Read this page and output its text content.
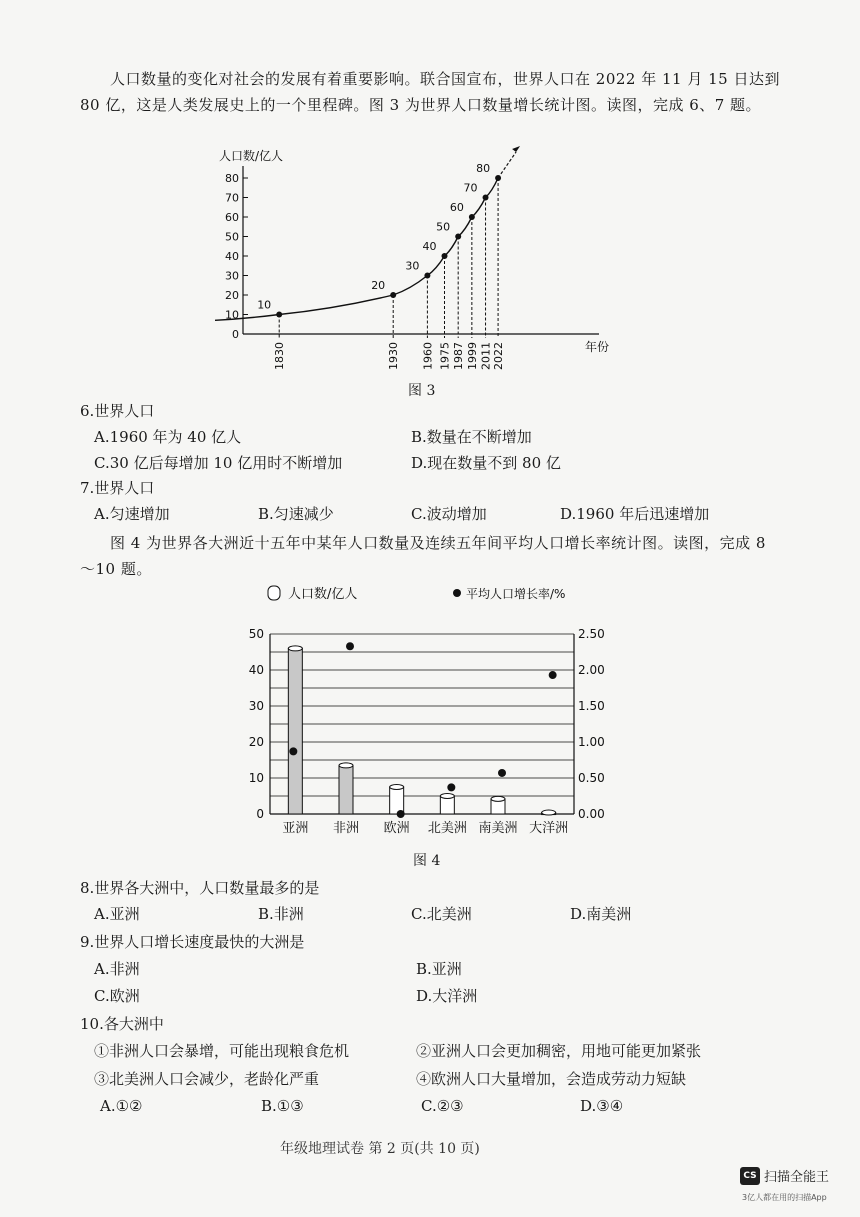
人口数量的变化对社会的发展有着重要影响。联合国宣布，世界人口在 2022 年 11 月 15 日达到 80 亿，这是人类发展史上的一个里程碑。图 3 为世界人口数量增长统计图。读图，完成 6、7 题。
人口数/亿人
年份
0
10
20
30
40
50
60
70
80
10
1830
20
1930
30
1960
40
1975
50
1987
60
1999
70
2011
80
2022
图 3
6.世界人口
A.1960 年为 40 亿人	B.数量在不断增加
C.30 亿后每增加 10 亿用时不断增加	D.现在数量不到 80 亿
7.世界人口
A.匀速增加	B.匀速减少	C.波动增加	D.1960 年后迅速增加
图 4 为世界各大洲近十五年中某年人口数量及连续五年间平均人口增长率统计图。读图，完成 8～10 题。
人口数/亿人	平均人口增长率/%
0
10
20
30
40
50
0.00
0.50
1.00
1.50
2.00
2.50
亚洲 非洲 欧洲 北美洲 南美洲 大洋洲
图 4
8.世界各大洲中，人口数量最多的是
A.亚洲	B.非洲	C.北美洲	D.南美洲
9.世界人口增长速度最快的大洲是
A.非洲	B.亚洲
C.欧洲	D.大洋洲
10.各大洲中
①非洲人口会暴增，可能出现粮食危机	②亚洲人口会更加稠密，用地可能更加紧张
③北美洲人口会减少，老龄化严重	④欧洲人口大量增加，会造成劳动力短缺
A.①②	B.①③	C.②③	D.③④
年级地理试卷 第 2 页(共 10 页)
CS 扫描全能王
3亿人都在用的扫描App
